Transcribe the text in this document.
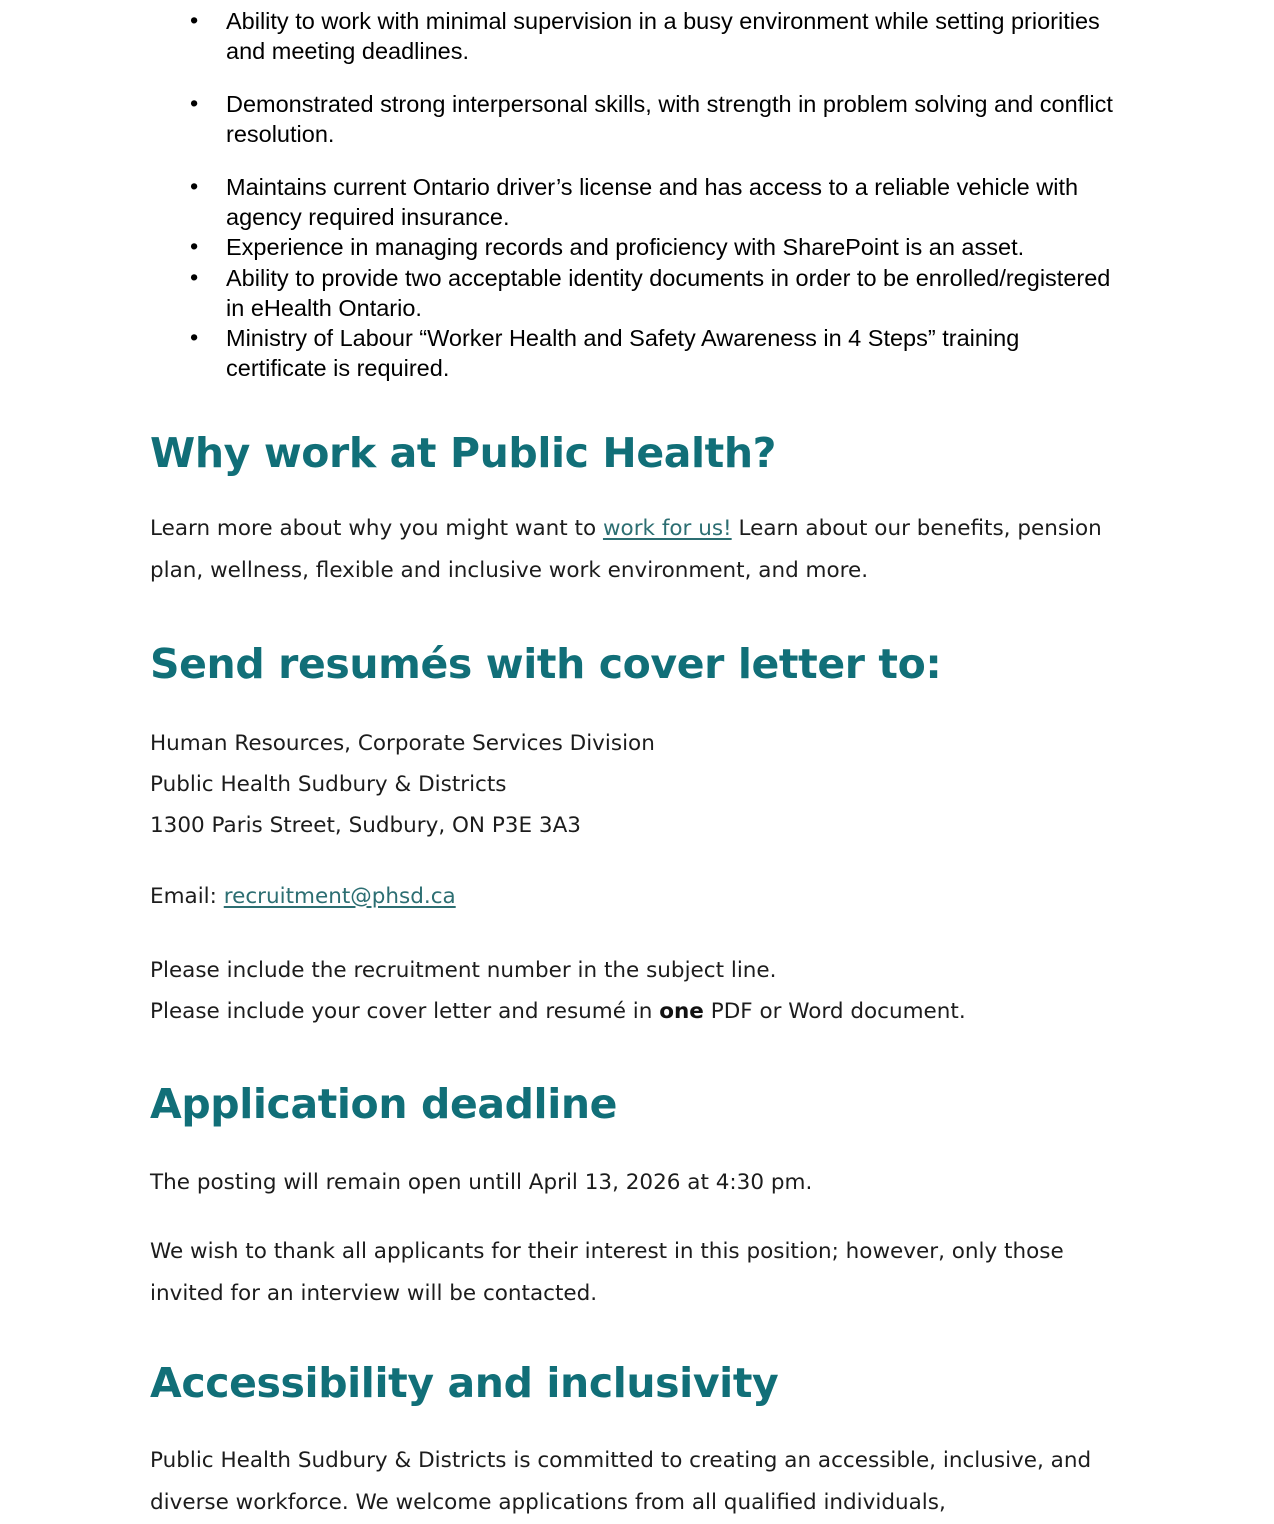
• Ability to work with minimal supervision in a busy environment while setting priorities and meeting deadlines.
• Demonstrated strong interpersonal skills, with strength in problem solving and conflict resolution.
• Maintains current Ontario driver’s license and has access to a reliable vehicle with agency required insurance.
• Experience in managing records and proficiency with SharePoint is an asset.
• Ability to provide two acceptable identity documents in order to be enrolled/registered in eHealth Ontario.
• Ministry of Labour “Worker Health and Safety Awareness in 4 Steps” training certificate is required.
Why work at Public Health?

Learn more about why you might want to work for us! Learn about our benefits, pension plan, wellness, flexible and inclusive work environment, and more.

Send resumés with cover letter to:
Human Resources, Corporate Services Division
Public Health Sudbury & Districts
1300 Paris Street, Sudbury, ON P3E 3A3

Email: recruitment@phsd.ca

Please include the recruitment number in the subject line.

Please include your cover letter and resumé in one PDF or Word document.

Application deadline

The posting will remain open untill April 13, 2026 at 4:30 pm.

We wish to thank all applicants for their interest in this position; however, only those invited for an interview will be contacted.

Accessibility and inclusivity

Public Health Sudbury & Districts is committed to creating an accessible, inclusive, and diverse workforce. We welcome applications from all qualified individuals,
